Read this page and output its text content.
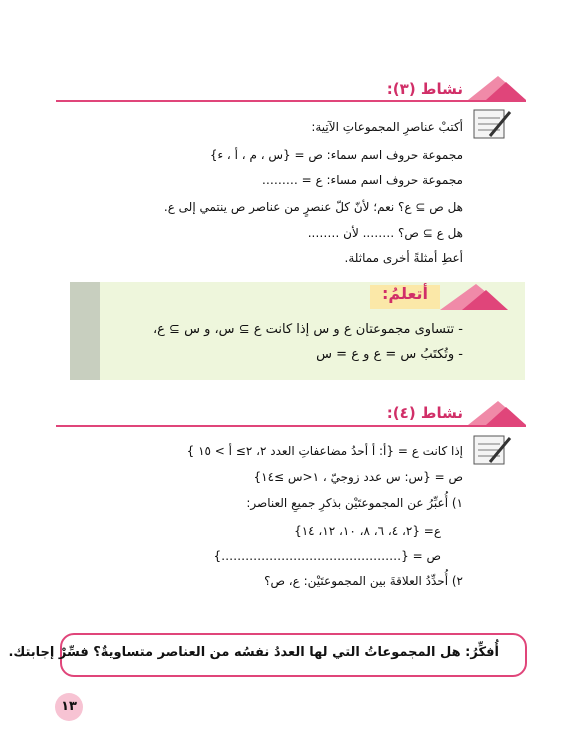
نشاط (٣):
أكتبْ عناصرِ المجموعاتِ الآتِية:
مجموعة حروف اسم سماء: ص = {س ، م ، أ ، ء}
مجموعة حروف اسم مساء: ع = ………
هل ص ⊇ ع؟ نعم؛ لأنّ كلّ عنصرٍ من عناصر ص ينتمي إلى ع.
هل ع ⊇ ص؟ …….. لأن ……..
أعطِ أمثلةً أخرى مماثلة.
أتعلمُ:
- تتساوى مجموعتان ع و س إذا كانت ع ⊇ س، و س ⊇ ع،
- وتُكتَبُ س = ع و ع = س
نشاط (٤):
إذا كانت ع = {أ: أ أحدُ مضاعفاتِ العدد ٢، ٢≥ أ > ١٥ }
ص = {س: س عدد زوجيّ ، ١<س ≥١٤}
١) أُعبِّرُ عن المجموعتَيْن بذكرِ جميعِ العناصر:
ع= {٢، ٤، ٦، ٨، ١٠، ١٢، ١٤}
ص = {………………………………………}
٢) أُحدِّدُ العلاقةَ بين المجموعتَيْن: ع، ص؟
أُفكِّرُ: هل المجموعاتُ التي لها العددُ نفسُه من العناصر متساويةٌ؟ فسِّرْ إجابتك.
١٣
